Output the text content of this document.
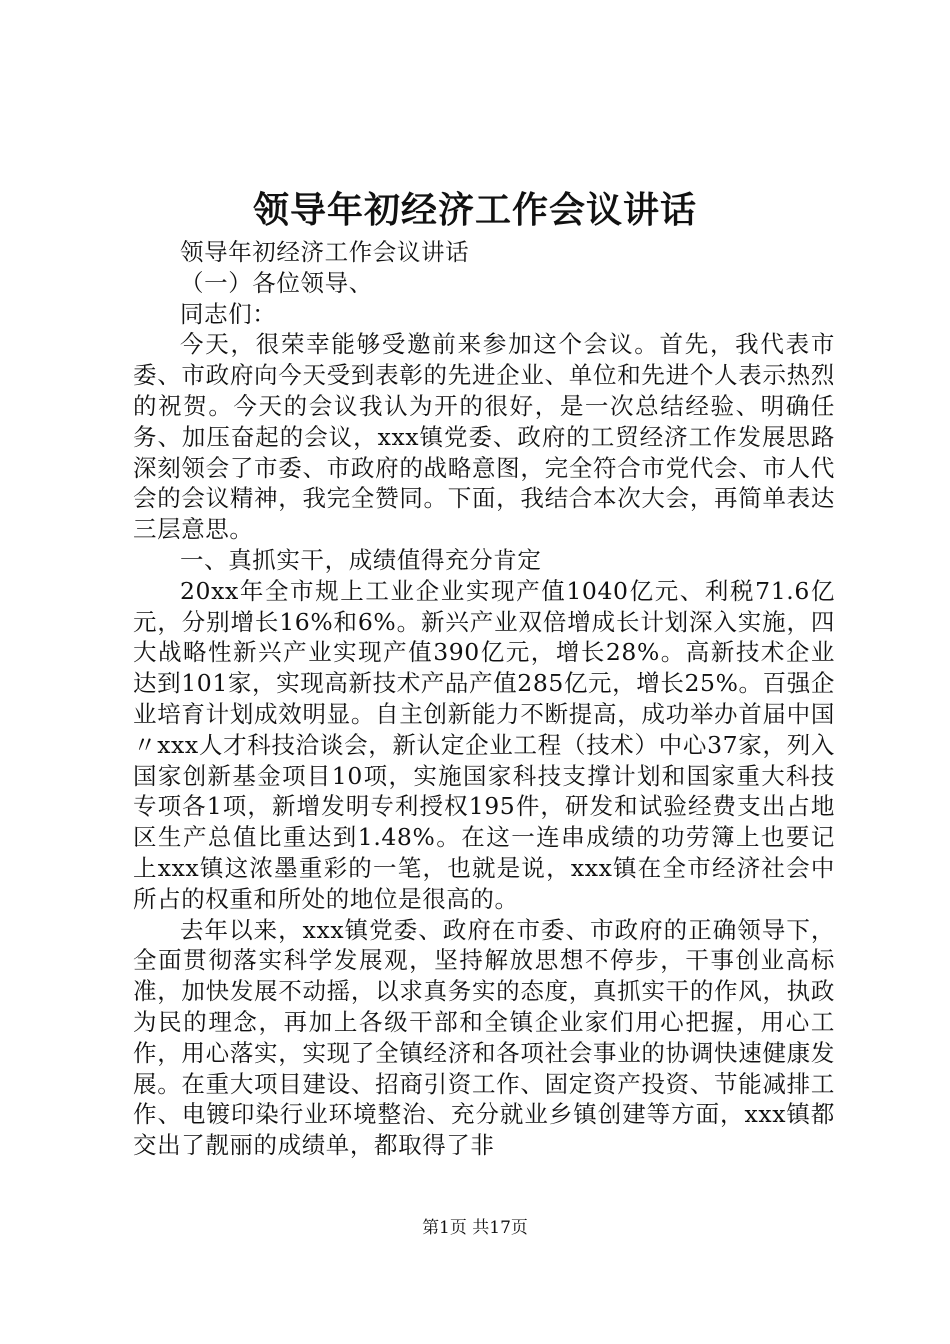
领导年初经济工作会议讲话

领导年初经济工作会议讲话

（一）各位领导、

同志们：

今天，很荣幸能够受邀前来参加这个会议。首先，我代表市委、市政府向今天受到表彰的先进企业、单位和先进个人表示热烈的祝贺。今天的会议我认为开的很好，是一次总结经验、明确任务、加压奋起的会议，xxx镇党委、政府的工贸经济工作发展思路深刻领会了市委、市政府的战略意图，完全符合市党代会、市人代会的会议精神，我完全赞同。下面，我结合本次大会，再简单表达三层意思。

一、真抓实干，成绩值得充分肯定

20xx年全市规上工业企业实现产值1040亿元、利税71.6亿元，分别增长16%和6%。新兴产业双倍增成长计划深入实施，四大战略性新兴产业实现产值390亿元，增长28%。高新技术企业达到101家，实现高新技术产品产值285亿元，增长25%。百强企业培育计划成效明显。自主创新能力不断提高，成功举办首届中国〃xxx人才科技洽谈会，新认定企业工程（技术）中心37家，列入国家创新基金项目10项，实施国家科技支撑计划和国家重大科技专项各1项，新增发明专利授权195件，研发和试验经费支出占地区生产总值比重达到1.48%。在这一连串成绩的功劳簿上也要记上xxx镇这浓墨重彩的一笔，也就是说，xxx镇在全市经济社会中所占的权重和所处的地位是很高的。

去年以来，xxx镇党委、政府在市委、市政府的正确领导下，全面贯彻落实科学发展观，坚持解放思想不停步，干事创业高标准，加快发展不动摇，以求真务实的态度，真抓实干的作风，执政为民的理念，再加上各级干部和全镇企业家们用心把握，用心工作，用心落实，实现了全镇经济和各项社会事业的协调快速健康发展。在重大项目建设、招商引资工作、固定资产投资、节能减排工作、电镀印染行业环境整治、充分就业乡镇创建等方面，xxx镇都交出了靓丽的成绩单，都取得了非

第1页 共17页
